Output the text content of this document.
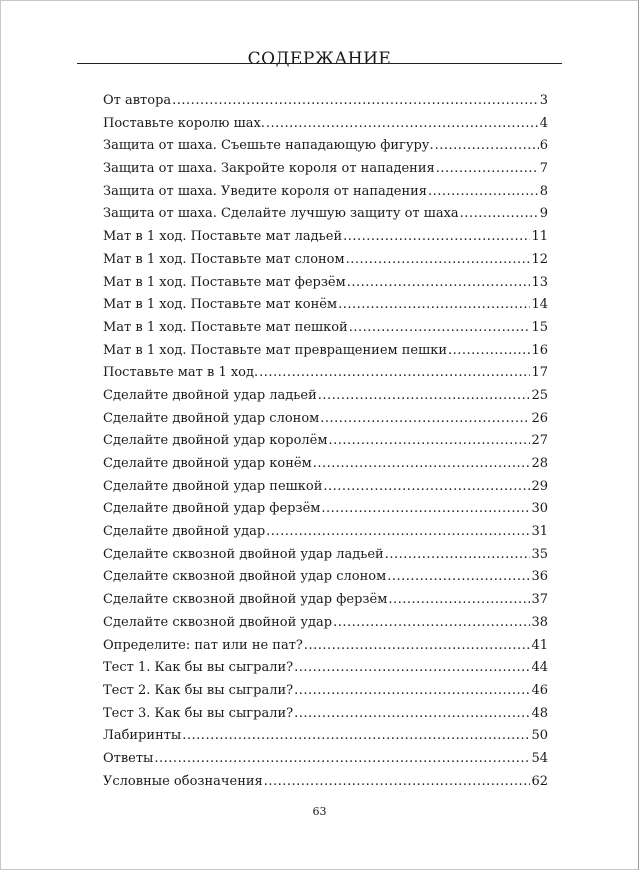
СОДЕРЖАНИЕ
От автора .....	3
Поставьте королю шах. .....	4
Защита от шаха. Съешьте нападающую фигуру. .....	6
Защита от шаха. Закройте короля от нападения .....	7
Защита от шаха. Уведите короля от нападения .....	8
Защита от шаха. Сделайте лучшую защиту от шаха .....	9
Мат в 1 ход. Поставьте мат ладьей .....	11
Мат в 1 ход. Поставьте мат слоном .....	12
Мат в 1 ход. Поставьте мат ферзём .....	13
Мат в 1 ход. Поставьте мат конём .....	14
Мат в 1 ход. Поставьте мат пешкой .....	15
Мат в 1 ход. Поставьте мат превращением пешки .....	16
Поставьте мат в 1 ход. .....	17
Сделайте двойной удар ладьей .....	25
Сделайте двойной удар слоном .....	26
Сделайте двойной удар королём .....	27
Сделайте двойной удар конём .....	28
Сделайте двойной удар пешкой .....	29
Сделайте двойной удар ферзём .....	30
Сделайте двойной удар .....	31
Сделайте сквозной двойной удар ладьей .....	35
Сделайте сквозной двойной удар слоном .....	36
Сделайте сквозной двойной удар ферзём .....	37
Сделайте сквозной двойной удар .....	38
Определите: пат или не пат? .....	41
Тест 1. Как бы вы сыграли? .....	44
Тест 2. Как бы вы сыграли? .....	46
Тест 3. Как бы вы сыграли? .....	48
Лабиринты .....	50
Ответы .....	54
Условные обозначения .....	62
63
